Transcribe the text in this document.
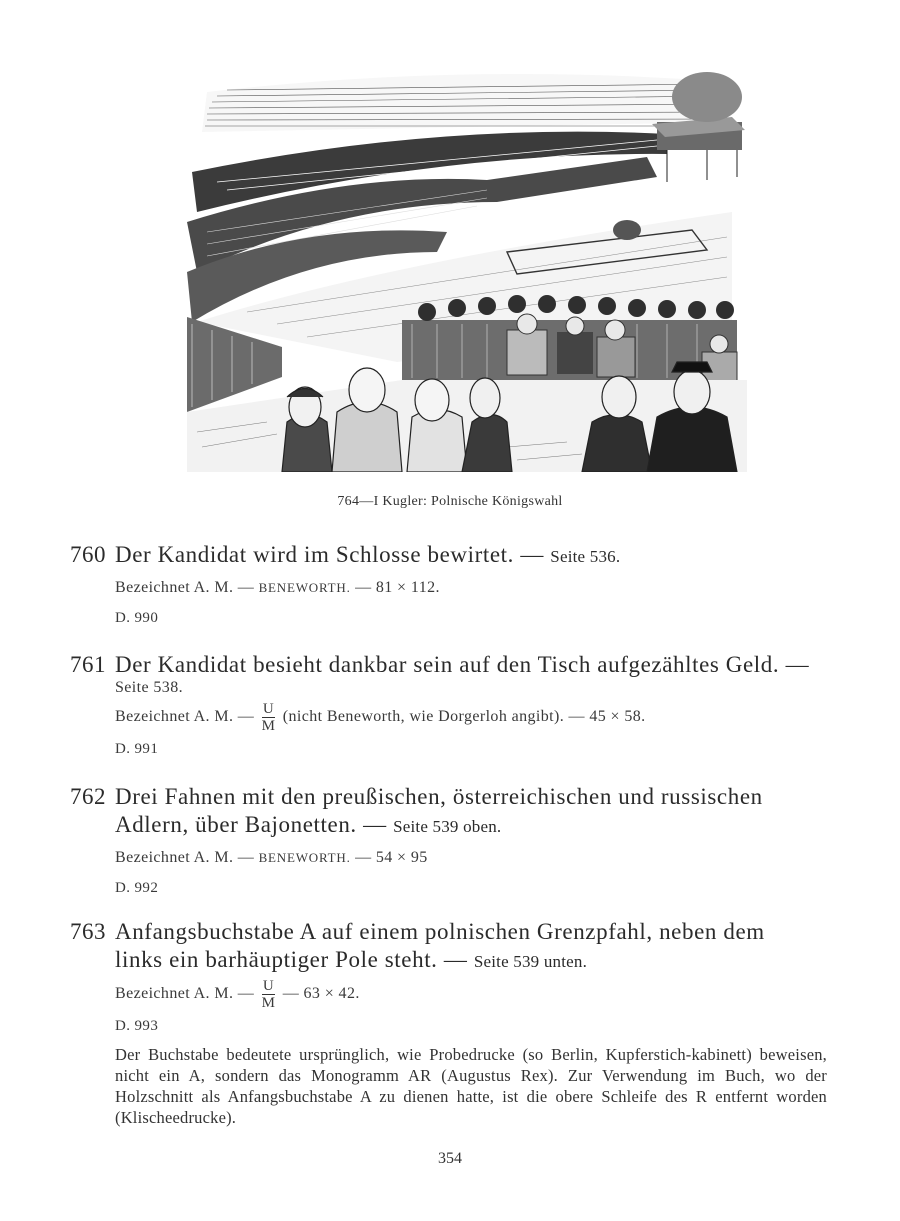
764—I Kugler: Polnische Königswahl
760 Der Kandidat wird im Schlosse bewirtet. — Seite 536.
Bezeichnet A. M. — BENEWORTH. — 81 × 112.
D. 990
761 Der Kandidat besieht dankbar sein auf den Tisch aufgezähltes Geld. —
Seite 538.
Bezeichnet A. M. — $\frac{U}{M}$ (nicht Beneworth, wie Dorgerloh angibt). — 45 × 58.
D. 991
762 Drei Fahnen mit den preußischen, österreichischen und russischen
Adlern, über Bajonetten. — Seite 539 oben.
Bezeichnet A. M. — BENEWORTH. — 54 × 95
D. 992
763 Anfangsbuchstabe A auf einem polnischen Grenzpfahl, neben dem
links ein barhäuptiger Pole steht. — Seite 539 unten.
Bezeichnet A. M. — $\frac{U}{M}$ — 63 × 42.
D. 993
Der Buchstabe bedeutete ursprünglich, wie Probedrucke (so Berlin, Kupferstich-kabinett) beweisen, nicht ein A, sondern das Monogramm AR (Augustus Rex). Zur Verwendung im Buch, wo der Holzschnitt als Anfangsbuchstabe A zu dienen hatte, ist die obere Schleife des R entfernt worden (Klischeedrucke).
354
